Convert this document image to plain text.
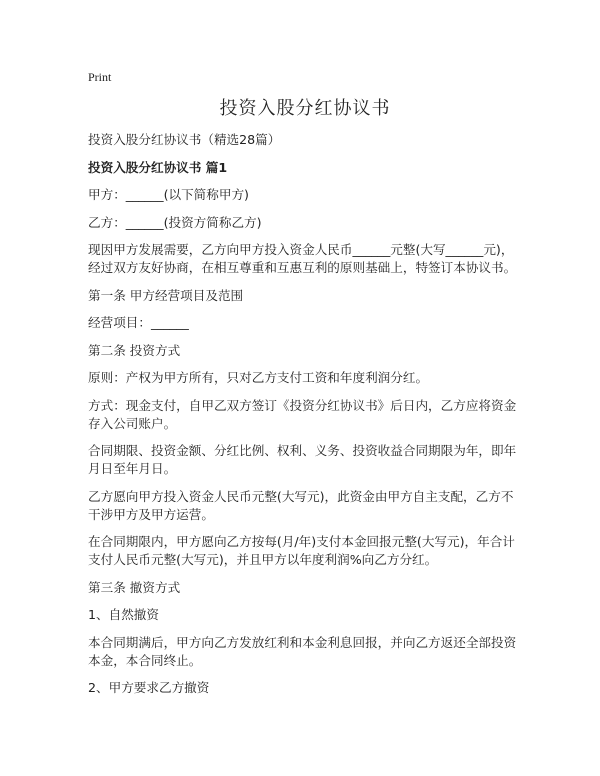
Print
投资入股分红协议书

投资入股分红协议书（精选28篇）

投资入股分红协议书 篇1

甲方：______(以下简称甲方)

乙方：______(投资方简称乙方)

现因甲方发展需要，乙方向甲方投入资金人民币______元整(大写______元)，经过双方友好协商，在相互尊重和互惠互利的原则基础上，特签订本协议书。

第一条 甲方经营项目及范围

经营项目：______

第二条 投资方式

原则：产权为甲方所有，只对乙方支付工资和年度利润分红。

方式：现金支付，自甲乙双方签订《投资分红协议书》后日内，乙方应将资金存入公司账户。

合同期限、投资金额、分红比例、权利、义务、投资收益合同期限为年，即年月日至年月日。

乙方愿向甲方投入资金人民币元整(大写元)，此资金由甲方自主支配，乙方不干涉甲方及甲方运营。

在合同期限内，甲方愿向乙方按每(月/年)支付本金回报元整(大写元)，年合计支付人民币元整(大写元)，并且甲方以年度利润%向乙方分红。

第三条 撤资方式

1、自然撤资

本合同期满后，甲方向乙方发放红利和本金利息回报，并向乙方返还全部投资本金，本合同终止。

2、甲方要求乙方撤资
